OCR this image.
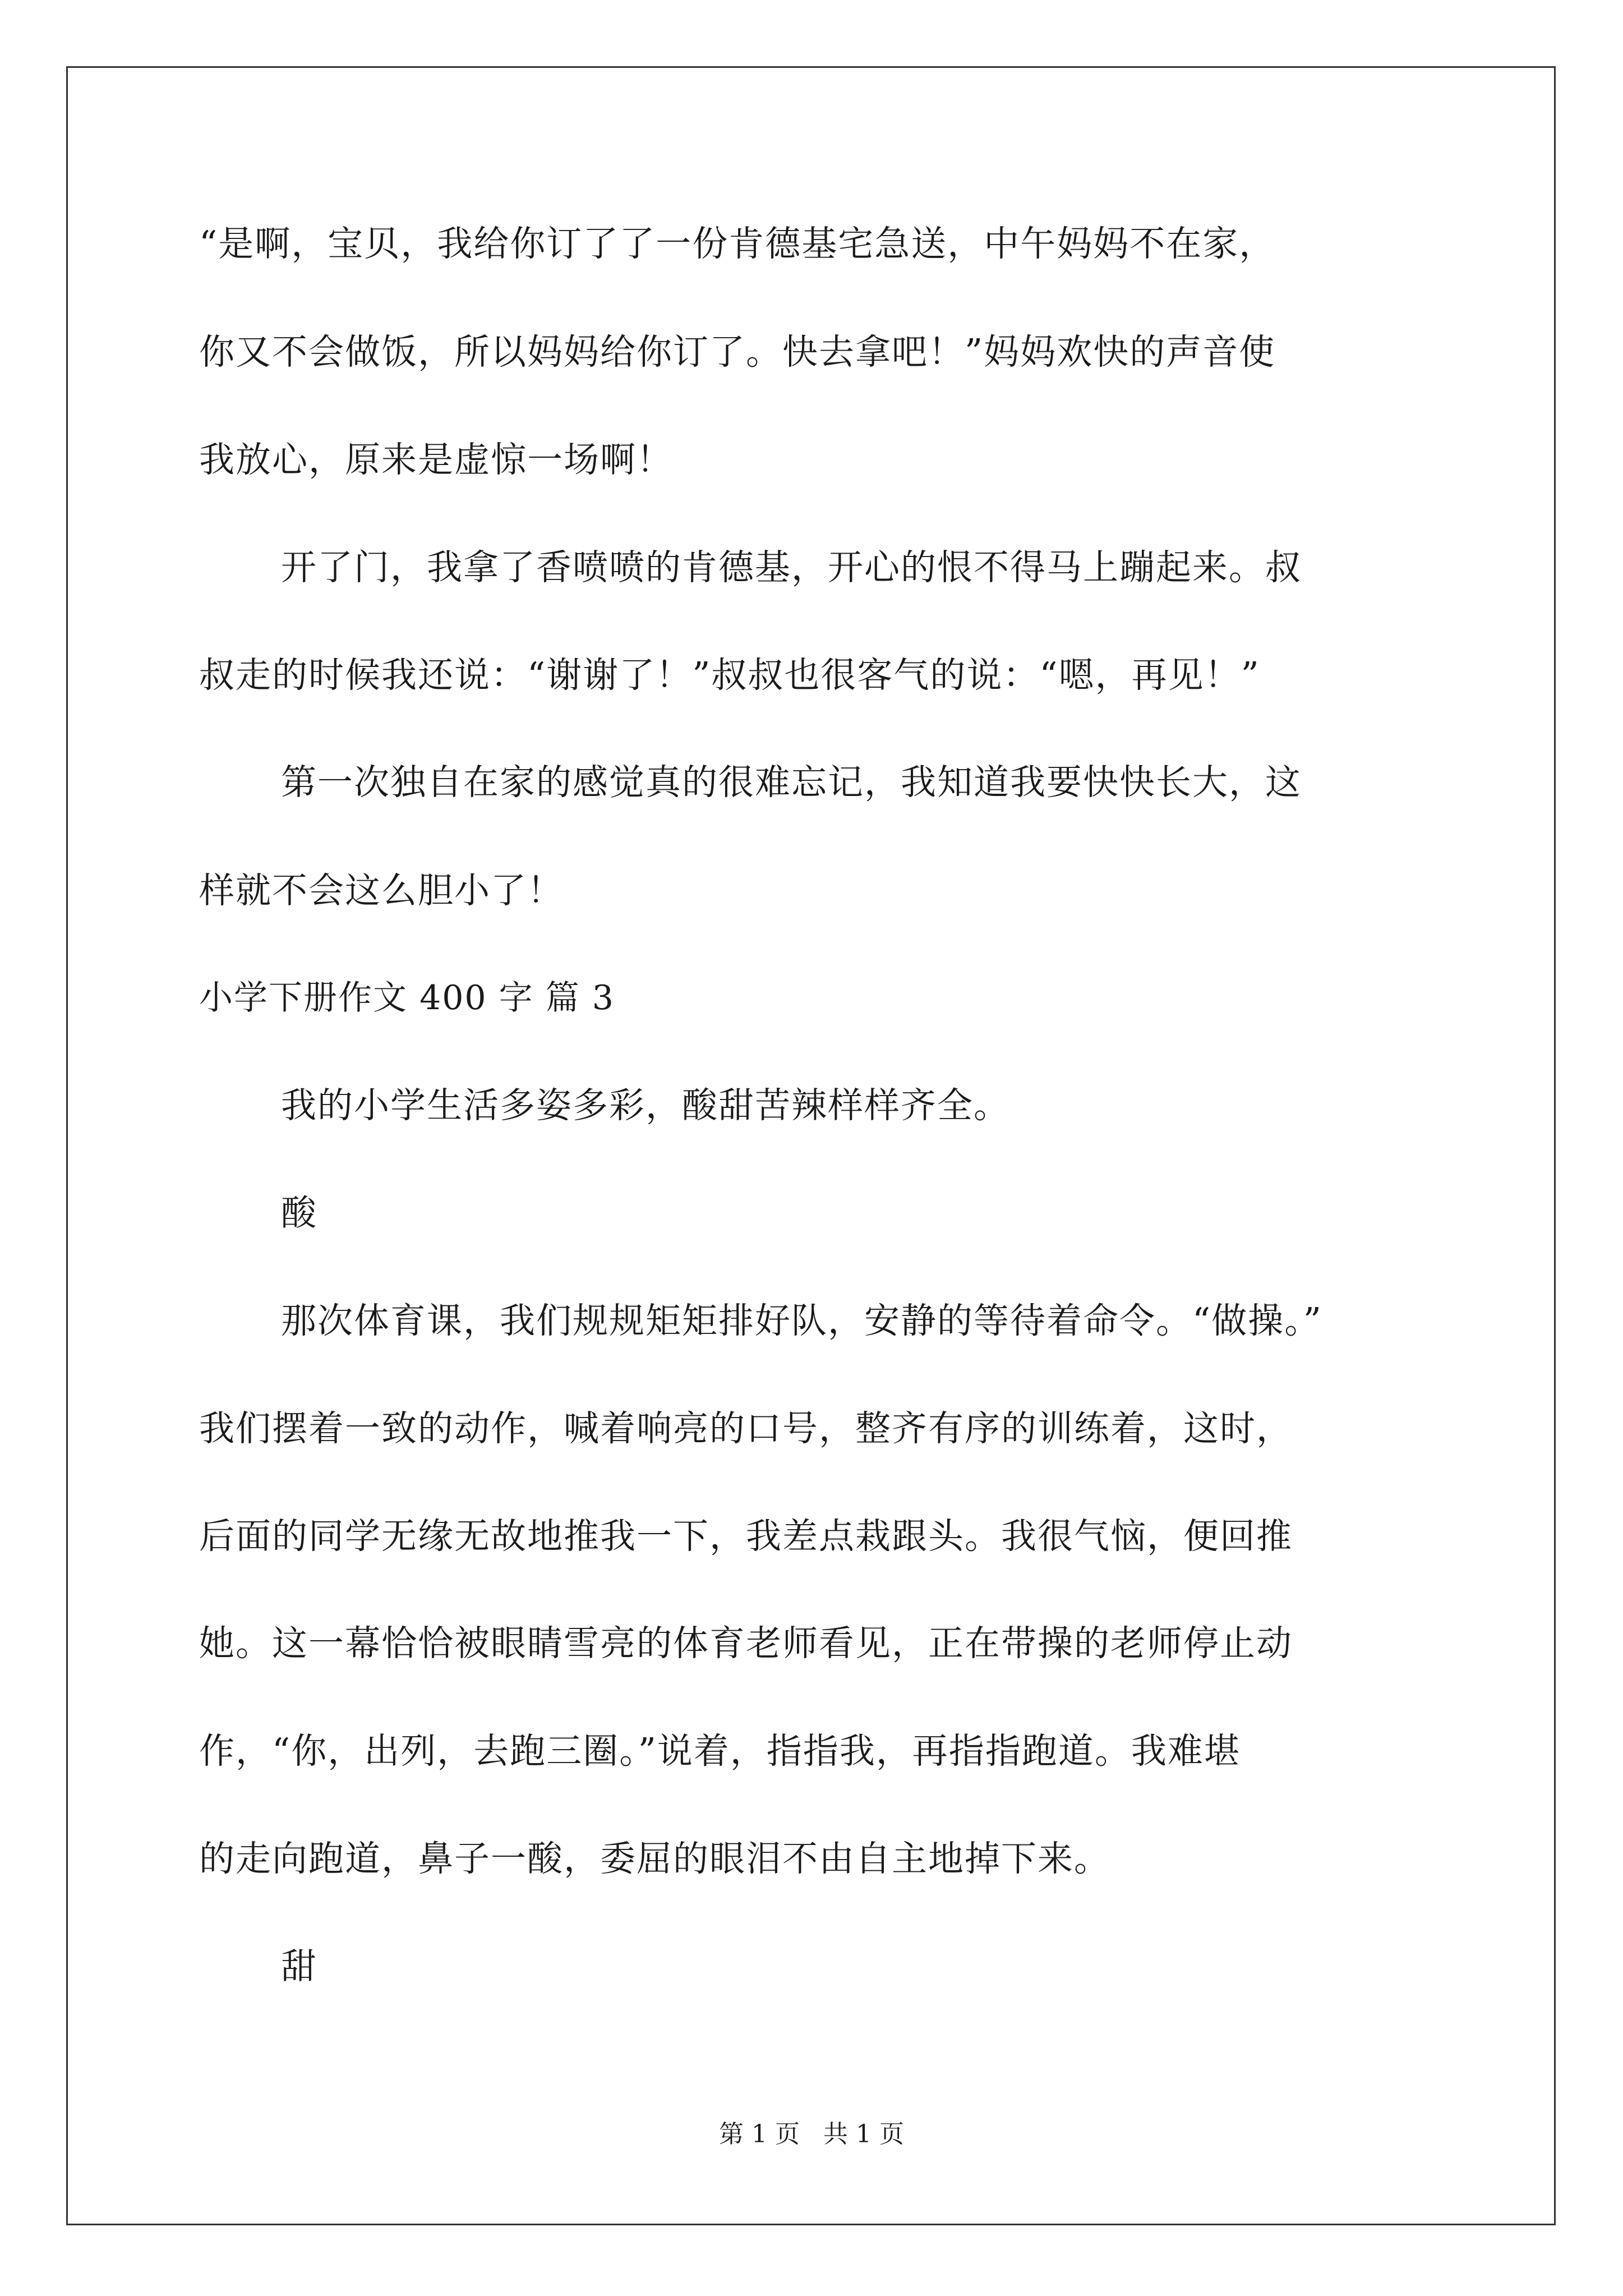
“是啊，宝贝，我给你订了了一份肯德基宅急送，中午妈妈不在家，
你又不会做饭，所以妈妈给你订了。快去拿吧！”妈妈欢快的声音使
我放心，原来是虚惊一场啊！
开了门，我拿了香喷喷的肯德基，开心的恨不得马上蹦起来。叔
叔走的时候我还说：“谢谢了！”叔叔也很客气的说：“嗯，再见！”
第一次独自在家的感觉真的很难忘记，我知道我要快快长大，这
样就不会这么胆小了！
小学下册作文 400 字 篇 3
我的小学生活多姿多彩，酸甜苦辣样样齐全。
酸
那次体育课，我们规规矩矩排好队，安静的等待着命令。“做操。”
我们摆着一致的动作，喊着响亮的口号，整齐有序的训练着，这时，
后面的同学无缘无故地推我一下，我差点栽跟头。我很气恼，便回推
她。这一幕恰恰被眼睛雪亮的体育老师看见，正在带操的老师停止动
作，“你，出列，去跑三圈。”说着，指指我，再指指跑道。我难堪
的走向跑道，鼻子一酸，委屈的眼泪不由自主地掉下来。
甜
第 1 页   共 1 页
